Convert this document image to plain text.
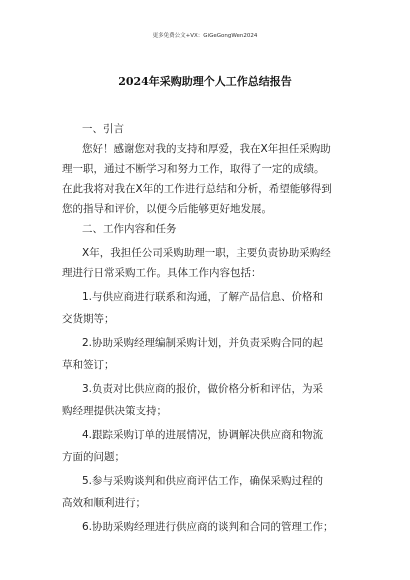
更多免费公文+VX：GiGeGongWen2024
2024年采购助理个人工作总结报告
一、引言
您好！感谢您对我的支持和厚爱，我在X年担任采购助
理一职，通过不断学习和努力工作，取得了一定的成绩。
在此我将对我在X年的工作进行总结和分析，希望能够得到
您的指导和评价，以便今后能够更好地发展。
二、工作内容和任务
X年，我担任公司采购助理一职，主要负责协助采购经
理进行日常采购工作。具体工作内容包括：
1.与供应商进行联系和沟通，了解产品信息、价格和
交货期等；
2.协助采购经理编制采购计划，并负责采购合同的起
草和签订；
3.负责对比供应商的报价，做价格分析和评估，为采
购经理提供决策支持；
4.跟踪采购订单的进展情况，协调解决供应商和物流
方面的问题；
5.参与采购谈判和供应商评估工作，确保采购过程的
高效和顺利进行；
6.协助采购经理进行供应商的谈判和合同的管理工作；
